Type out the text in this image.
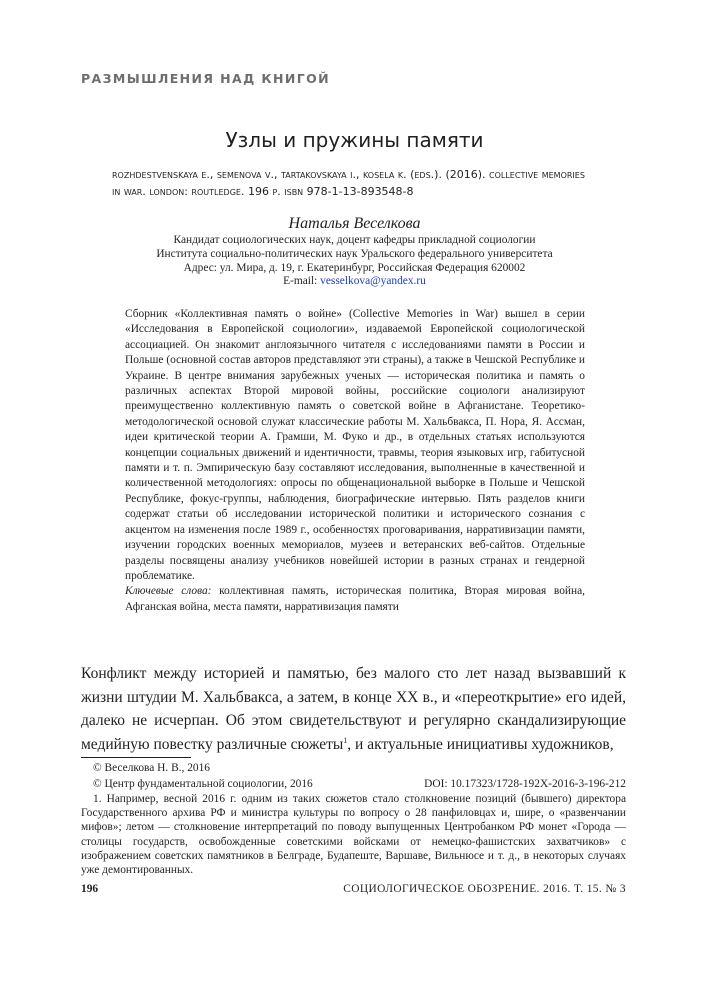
РАЗМЫШЛЕНИЯ НАД КНИГОЙ
Узлы и пружины памяти
rozhdestvenskaya e., semenova v., tartakovskaya i., kosela k. (eds.). (2016). collective memories
in war. london: routledge. 196 p. isbn 978-1-13-893548-8
Наталья Веселкова
Кандидат социологических наук, доцент кафедры прикладной социологии
Института социально-политических наук Уральского федерального университета
Адрес: ул. Мира, д. 19, г. Екатеринбург, Российская Федерация 620002
E-mail: vesselkova@yandex.ru

Сборник «Коллективная память о войне» (Collective Memories in War) вышел в серии «Исследования в Европейской социологии», издаваемой Европейской социологической ассоциацией. Он знакомит англоязычного читателя с исследованиями памяти в России и Польше (основной состав авторов представляют эти страны), а также в Чешской Республике и Украине. В центре внимания зарубежных ученых — историческая политика и память о различных аспектах Второй мировой войны, российские социологи анализируют преимущественно коллективную память о советской войне в Афганистане. Теоретико-методологической основой служат классические работы М. Хальбвакса, П. Нора, Я. Ассман, идеи критической теории А. Грамши, М. Фуко и др., в отдельных статьях используются концепции социальных движений и идентичности, травмы, теория языковых игр, габитусной памяти и т. п. Эмпирическую базу составляют исследования, выполненные в качественной и количественной методологиях: опросы по общенациональной выборке в Польше и Чешской Республике, фокус-группы, наблюдения, биографические интервью. Пять разделов книги содержат статьи об исследовании исторической политики и исторического сознания с акцентом на изменения после 1989 г., особенностях проговаривания, нарративизации памяти, изучении городских военных мемориалов, музеев и ветеранских веб-сайтов. Отдельные разделы посвящены анализу учебников новейшей истории в разных странах и гендерной проблематике.

Ключевые слова: коллективная память, историческая политика, Вторая мировая война, Афганская война, места памяти, нарративизация памяти

Конфликт между историей и памятью, без малого сто лет назад вызвавший к жизни штудии М. Хальбвакса, а затем, в конце XX в., и «переоткрытие» его идей, далеко не исчерпан. Об этом свидетельствуют и регулярно скандализирующие медийную повестку различные сюжеты$^1$, и актуальные инициативы художников,

© Веселкова Н. В., 2016
© Центр фундаментальной социологии, 2016	DOI: 10.17323/1728-192X-2016-3-196-212
1. Например, весной 2016 г. одним из таких сюжетов стало столкновение позиций (бывшего) директора Государственного архива РФ и министра культуры по вопросу о 28 панфиловцах и, шире, о «развенчании мифов»; летом — столкновение интерпретаций по поводу выпущенных Центробанком РФ монет «Города — столицы государств, освобожденные советскими войсками от немецко-фашистских захватчиков» с изображением советских памятников в Белграде, Будапеште, Варшаве, Вильнюсе и т. д., в некоторых случаях уже демонтированных.
196	СОЦИОЛОГИЧЕСКОЕ ОБОЗРЕНИЕ. 2016. Т. 15. № 3
